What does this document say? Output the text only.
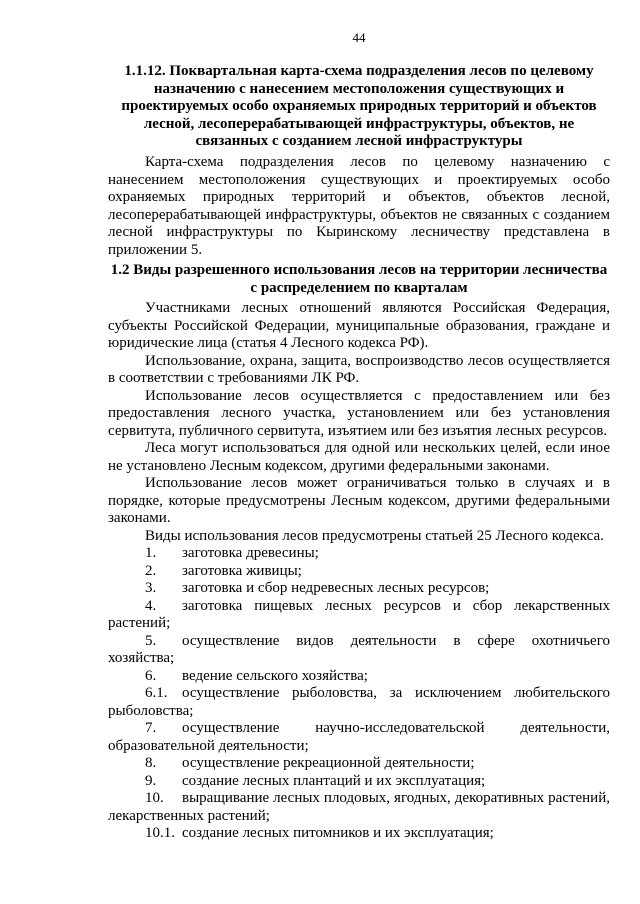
44
1.1.12. Поквартальная карта-схема подразделения лесов по целевому назначению с нанесением местоположения существующих и проектируемых особо охраняемых природных территорий и объектов лесной, лесоперерабатывающей инфраструктуры, объектов, не связанных с созданием лесной инфраструктуры

Карта-схема подразделения лесов по целевому назначению с нанесением местоположения существующих и проектируемых особо охраняемых природных территорий и объектов, объектов лесной, лесоперерабатывающей инфраструктуры, объектов не связанных с созданием лесной инфраструктуры по Кыринскому лесничеству представлена в приложении 5.

1.2 Виды разрешенного использования лесов на территории лесничества с распределением по кварталам

Участниками лесных отношений являются Российская Федерация, субъекты Российской Федерации, муниципальные образования, граждане и юридические лица (статья 4 Лесного кодекса РФ).

Использование, охрана, защита, воспроизводство лесов осуществляется в соответствии с требованиями ЛК РФ.

Использование лесов осуществляется с предоставлением или без предоставления лесного участка, установлением или без установления сервитута, публичного сервитута, изъятием или без изъятия лесных ресурсов.

Леса могут использоваться для одной или нескольких целей, если иное не установлено Лесным кодексом, другими федеральными законами.

Использование лесов может ограничиваться только в случаях и в порядке, которые предусмотрены Лесным кодексом, другими федеральными законами.

Виды использования лесов предусмотрены статьей 25 Лесного кодекса.

1. заготовка древесины;

2. заготовка живицы;

3. заготовка и сбор недревесных лесных ресурсов;

4. заготовка пищевых лесных ресурсов и сбор лекарственных растений;

5. осуществление видов деятельности в сфере охотничьего хозяйства;

6. ведение сельского хозяйства;

6.1. осуществление рыболовства, за исключением любительского рыболовства;

7. осуществление научно-исследовательской деятельности, образовательной деятельности;

8. осуществление рекреационной деятельности;

9. создание лесных плантаций и их эксплуатация;

10. выращивание лесных плодовых, ягодных, декоративных растений, лекарственных растений;

10.1. создание лесных питомников и их эксплуатация;
